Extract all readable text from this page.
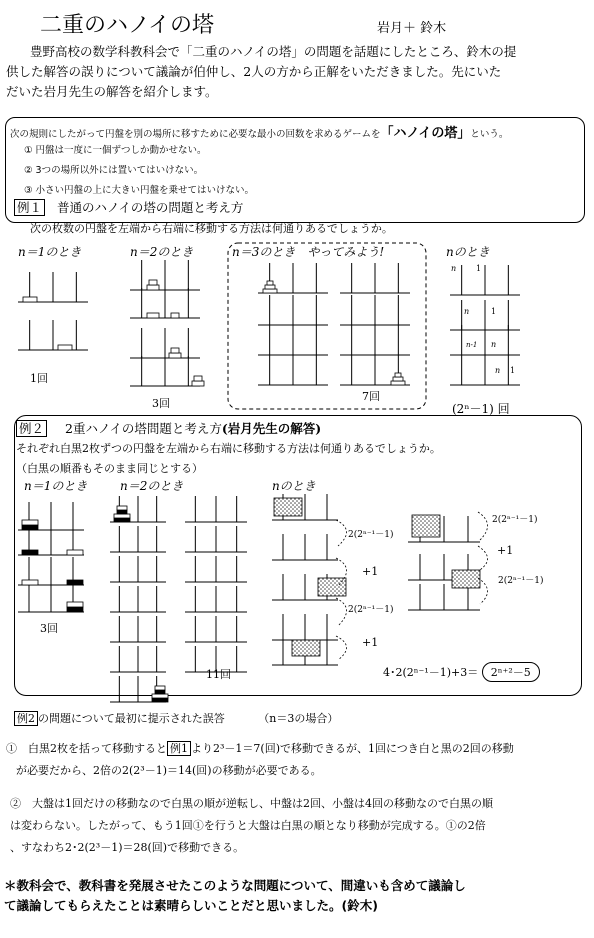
二重のハノイの塔	岩月＋ 鈴木
豊野高校の数学科教科会で「二重のハノイの塔」の問題を話題にしたところ、鈴木の提
供した解答の誤りについて議論が伯仲し、2人の方から正解をいただきました。先にいた
だいた岩月先生の解答を紹介します。
次の規則にしたがって円盤を別の場所に移すために必要な最小の回数を求めるゲームを「ハノイの塔」という。
① 円盤は一度に一個ずつしか動かせない。
② 3つの場所以外には置いてはいけない。
③ 小さい円盤の上に大きい円盤を乗せてはいけない。
例１ 普通のハノイの塔の問題と考え方
次の枚数の円盤を左端から右端に移動する方法は何通りあるでしょうか。
n＝1のとき	n＝2のとき	n＝3のとき　やってみよう!	nのとき
1回
3回
7回
(2ⁿ－1) 回
n 1
n	1
n-1 n
n 1
例２ 2重ハノイの塔問題と考え方(岩月先生の解答)
それぞれ白黒2枚ずつの円盤を左端から右端に移動する方法は何通りあるでしょうか。
（白黒の順番もそのまま同じとする）
n＝1のとき	n＝2のとき	nのとき
3回
11回
2(2ⁿ⁻¹－1)
+1
2(2ⁿ⁻¹－1)
+1
2(2ⁿ⁻¹－1)
+1
2(2ⁿ⁻¹－1)
4･2(2ⁿ⁻¹－1)+3＝ 2ⁿ⁺²－5
例2 の問題について最初に提示された誤答	（n＝3の場合）
①　白黒2枚を括って移動すると 例1 より2³－1＝7(回)で移動できるが、1回につき白と黒の2回の移動
が必要だから、2倍の2(2³－1)＝14(回)の移動が必要である。
②　大盤は1回だけの移動なので白黒の順が逆転し、中盤は2回、小盤は4回の移動なので白黒の順
は変わらない。したがって、もう1回①を行うと大盤は白黒の順となり移動が完成する。①の2倍
、すなわち2･2(2³－1)＝28(回)で移動できる。
＊教科会で、教科書を発展させたこのような問題について、間違いも含めて議論し
て議論してもらえたことは素晴らしいことだと思いました。(鈴木)
